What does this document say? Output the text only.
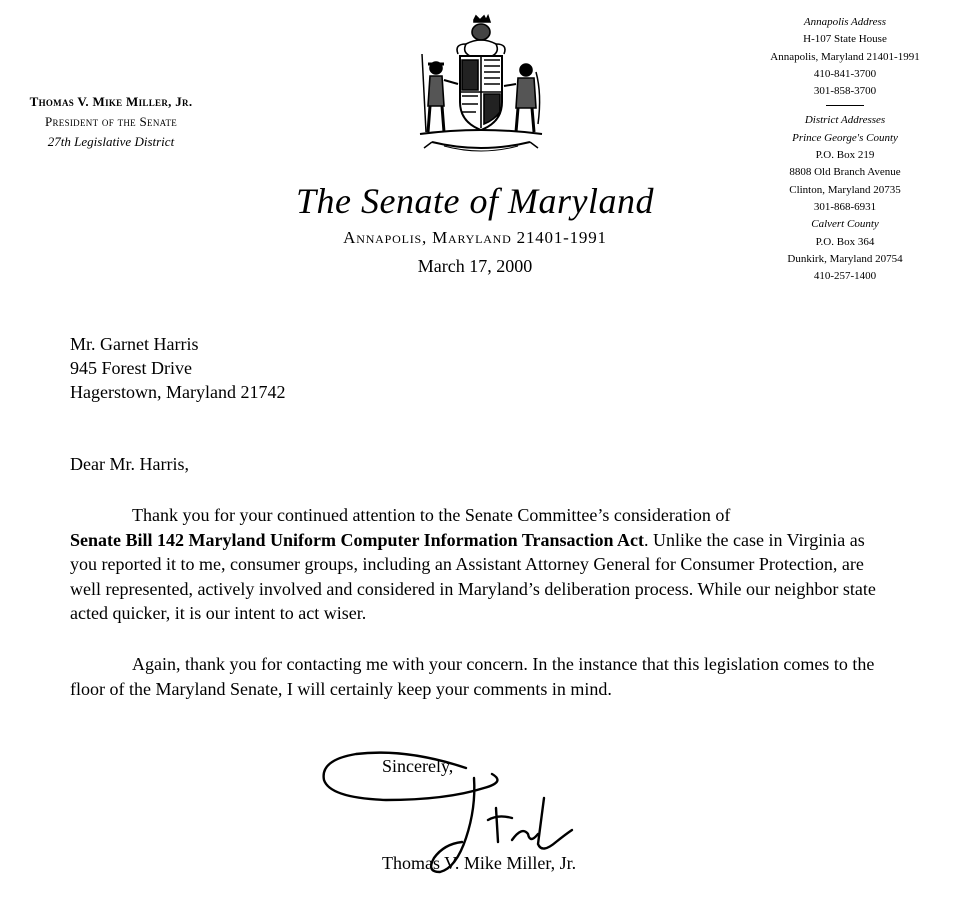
Thomas V. Mike Miller, Jr.
President of the Senate
27th Legislative District
The Senate of Maryland
Annapolis, Maryland 21401-1991
March 17, 2000
Annapolis Address
H-107 State House
Annapolis, Maryland 21401-1991
410-841-3700
301-858-3700
District Addresses
Prince George's County
P.O. Box 219
8808 Old Branch Avenue
Clinton, Maryland 20735
301-868-6931
Calvert County
P.O. Box 364
Dunkirk, Maryland 20754
410-257-1400
Mr. Garnet Harris
945 Forest Drive
Hagerstown, Maryland 21742
Dear Mr. Harris,
Thank you for your continued attention to the Senate Committee’s consideration of
Senate Bill 142 Maryland Uniform Computer Information Transaction Act. Unlike the case in Virginia as you reported it to me, consumer groups, including an Assistant Attorney General for Consumer Protection, are well represented, actively involved and considered in Maryland’s deliberation process. While our neighbor state acted quicker, it is our intent to act wiser.
Again, thank you for contacting me with your concern. In the instance that this legislation comes to the floor of the Maryland Senate, I will certainly keep your comments in mind.
Sincerely,
Thomas V. Mike Miller, Jr.
